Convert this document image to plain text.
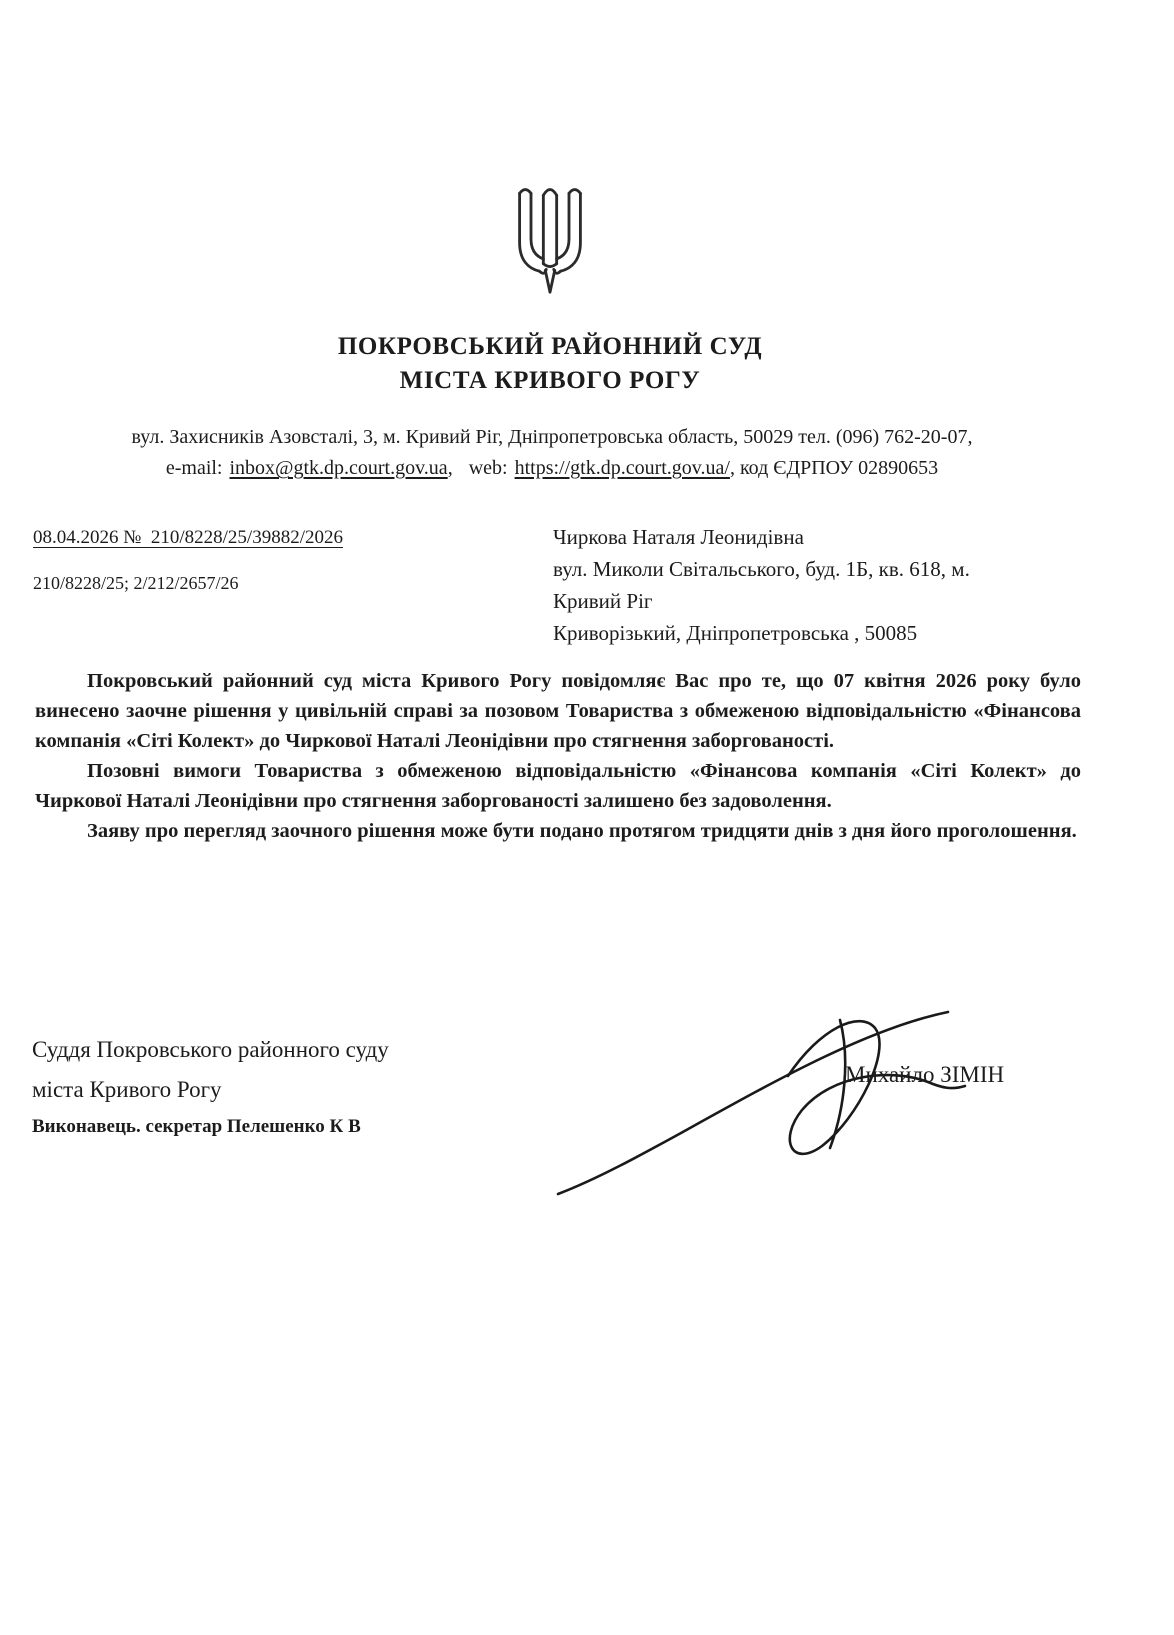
ПОКРОВСЬКИЙ РАЙОННИЙ СУД
МІСТА КРИВОГО РОГУ
вул. Захисників Азовсталі, 3, м. Кривий Ріг, Дніпропетровська область, 50029 тел. (096) 762-20-07,
e-mail: inbox@gtk.dp.court.gov.ua, web: https://gtk.dp.court.gov.ua/, код ЄДРПОУ 02890653
08.04.2026 №  210/8228/25/39882/2026
210/8228/25; 2/212/2657/26
Чиркова Наталя Леонидівна
вул. Миколи Світальського, буд. 1Б, кв. 618, м.
Кривий Ріг
Криворізький, Дніпропетровська , 50085

Покровський районний суд міста Кривого Рогу повідомляє Вас про те, що 07 квітня 2026 року було винесено заочне рішення у цивільній справі за позовом Товариства з обмеженою відповідальністю «Фінансова компанія «Сіті Колект» до Чиркової Наталі Леонідівни про стягнення заборгованості.

Позовні вимоги Товариства з обмеженою відповідальністю «Фінансова компанія «Сіті Колект» до Чиркової Наталі Леонідівни про стягнення заборгованості залишено без задоволення.

Заяву про перегляд заочного рішення може бути подано протягом тридцяти днів з дня його проголошення.

Суддя Покровського районного суду
міста Кривого Рогу
Виконавець. секретар Пелешенко К В
Михайло ЗІМІН
